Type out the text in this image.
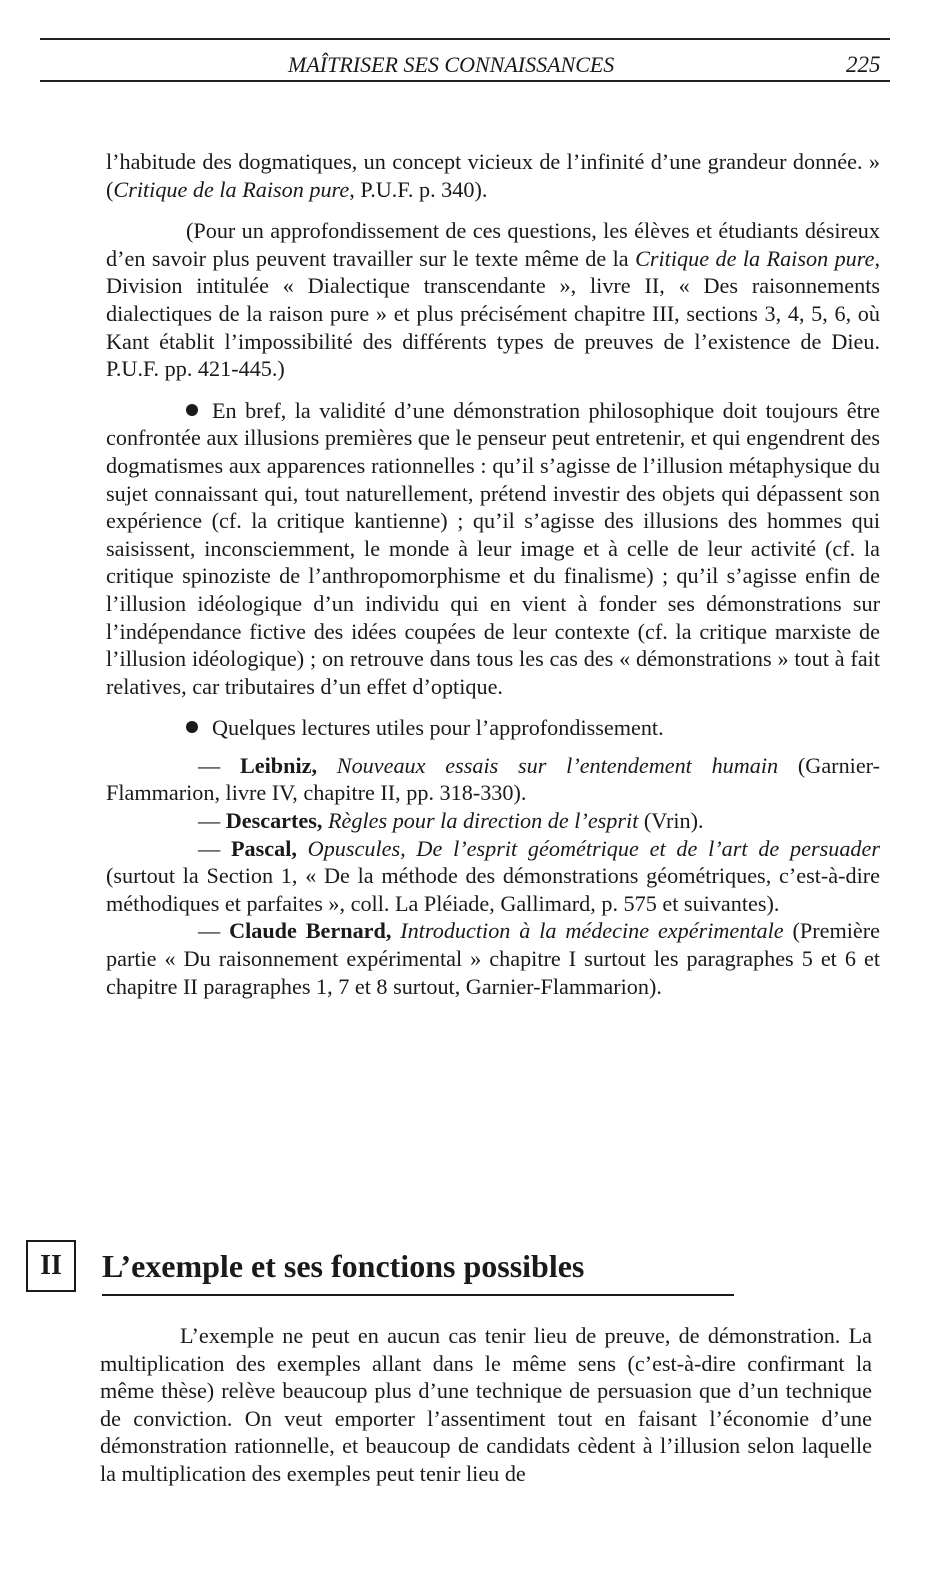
MAÎTRISER SES CONNAISSANCES	225

l’habitude des dogmatiques, un concept vicieux de l’infinité d’une grandeur donnée. » (Critique de la Raison pure, P.U.F. p. 340).

(Pour un approfondissement de ces questions, les élèves et étudiants désireux d’en savoir plus peuvent travailler sur le texte même de la Critique de la Raison pure, Division intitulée « Dialectique transcendante », livre II, « Des raisonnements dialectiques de la raison pure » et plus précisément chapitre III, sections 3, 4, 5, 6, où Kant établit l’impossibilité des différents types de preuves de l’existence de Dieu. P.U.F. pp. 421-445.)

En bref, la validité d’une démonstration philosophique doit toujours être confrontée aux illusions premières que le penseur peut entretenir, et qui engendrent des dogmatismes aux apparences rationnelles : qu’il s’agisse de l’illusion métaphysique du sujet connaissant qui, tout naturellement, prétend investir des objets qui dépassent son expérience (cf. la critique kantienne) ; qu’il s’agisse des illusions des hommes qui saisissent, inconsciemment, le monde à leur image et à celle de leur activité (cf. la critique spinoziste de l’anthropomorphisme et du finalisme) ; qu’il s’agisse enfin de l’illusion idéologique d’un individu qui en vient à fonder ses démonstrations sur l’indépendance fictive des idées coupées de leur contexte (cf. la critique marxiste de l’illusion idéologique) ; on retrouve dans tous les cas des « démonstrations » tout à fait relatives, car tributaires d’un effet d’optique.

Quelques lectures utiles pour l’approfondissement.

— Leibniz, Nouveaux essais sur l’entendement humain (Garnier-Flammarion, livre IV, chapitre II, pp. 318-330).

— Descartes, Règles pour la direction de l’esprit (Vrin).

— Pascal, Opuscules, De l’esprit géométrique et de l’art de persuader (surtout la Section 1, « De la méthode des démonstrations géométriques, c’est-à-dire méthodiques et parfaites », coll. La Pléiade, Gallimard, p. 575 et suivantes).

— Claude Bernard, Introduction à la médecine expérimentale (Première partie « Du raisonnement expérimental » chapitre I surtout les paragraphes 5 et 6 et chapitre II paragraphes 1, 7 et 8 surtout, Garnier-Flammarion).

II	L’exemple et ses fonctions possibles

L’exemple ne peut en aucun cas tenir lieu de preuve, de démonstration. La multiplication des exemples allant dans le même sens (c’est-à-dire confirmant la même thèse) relève beaucoup plus d’une technique de persuasion que d’un technique de conviction. On veut emporter l’assentiment tout en faisant l’économie d’une démonstration rationnelle, et beaucoup de candidats cèdent à l’illusion selon laquelle la multiplication des exemples peut tenir lieu de
